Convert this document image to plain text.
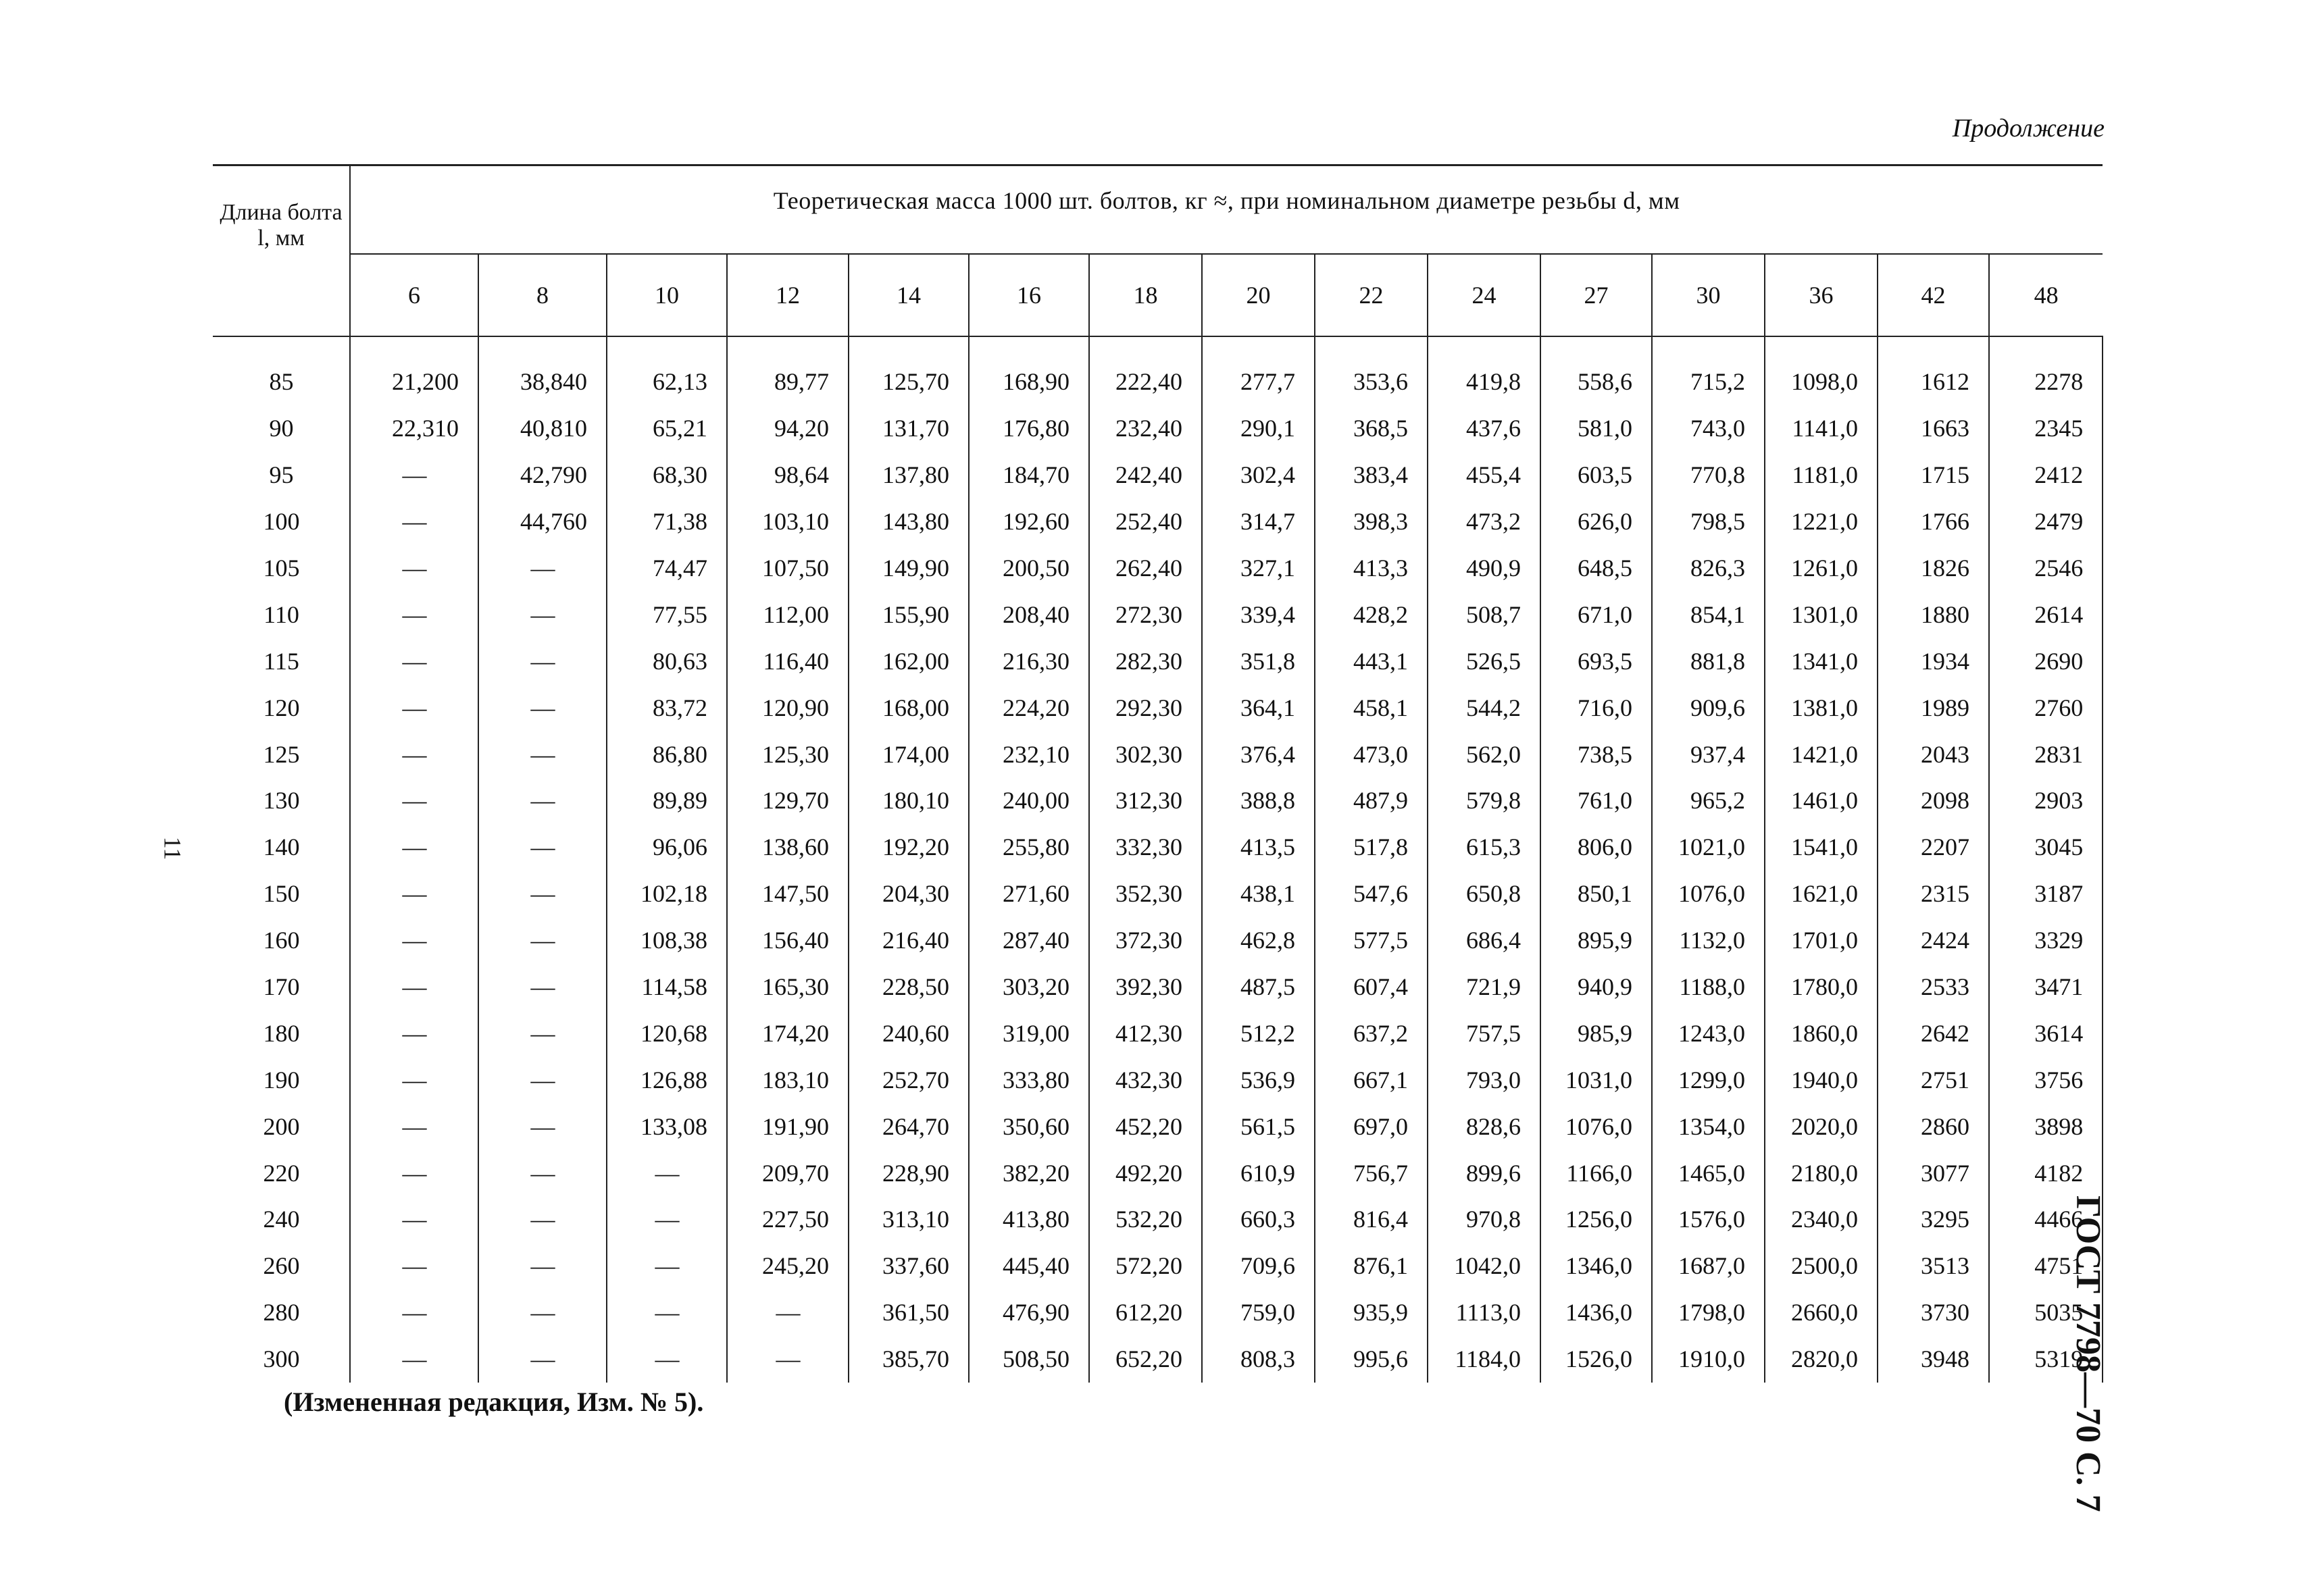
Продолжение
11
ГОСТ 7798—70 С. 7
Длина болта l, мм	Теоретическая масса 1000 шт. болтов, кг ≈, при номинальном диаметре резьбы d, мм														
	6	8	10	12	14	16	18	20	22	24	27	30	36	42	48

85	21,200	38,840	62,13	89,77	125,70	168,90	222,40	277,7	353,6	419,8	558,6	715,2	1098,0	1612	2278
90	22,310	40,810	65,21	94,20	131,70	176,80	232,40	290,1	368,5	437,6	581,0	743,0	1141,0	1663	2345
95	—	42,790	68,30	98,64	137,80	184,70	242,40	302,4	383,4	455,4	603,5	770,8	1181,0	1715	2412
100	—	44,760	71,38	103,10	143,80	192,60	252,40	314,7	398,3	473,2	626,0	798,5	1221,0	1766	2479
105	—	—	74,47	107,50	149,90	200,50	262,40	327,1	413,3	490,9	648,5	826,3	1261,0	1826	2546
110	—	—	77,55	112,00	155,90	208,40	272,30	339,4	428,2	508,7	671,0	854,1	1301,0	1880	2614
115	—	—	80,63	116,40	162,00	216,30	282,30	351,8	443,1	526,5	693,5	881,8	1341,0	1934	2690
120	—	—	83,72	120,90	168,00	224,20	292,30	364,1	458,1	544,2	716,0	909,6	1381,0	1989	2760
125	—	—	86,80	125,30	174,00	232,10	302,30	376,4	473,0	562,0	738,5	937,4	1421,0	2043	2831
130	—	—	89,89	129,70	180,10	240,00	312,30	388,8	487,9	579,8	761,0	965,2	1461,0	2098	2903
140	—	—	96,06	138,60	192,20	255,80	332,30	413,5	517,8	615,3	806,0	1021,0	1541,0	2207	3045
150	—	—	102,18	147,50	204,30	271,60	352,30	438,1	547,6	650,8	850,1	1076,0	1621,0	2315	3187
160	—	—	108,38	156,40	216,40	287,40	372,30	462,8	577,5	686,4	895,9	1132,0	1701,0	2424	3329
170	—	—	114,58	165,30	228,50	303,20	392,30	487,5	607,4	721,9	940,9	1188,0	1780,0	2533	3471
180	—	—	120,68	174,20	240,60	319,00	412,30	512,2	637,2	757,5	985,9	1243,0	1860,0	2642	3614
190	—	—	126,88	183,10	252,70	333,80	432,30	536,9	667,1	793,0	1031,0	1299,0	1940,0	2751	3756
200	—	—	133,08	191,90	264,70	350,60	452,20	561,5	697,0	828,6	1076,0	1354,0	2020,0	2860	3898
220	—	—	—	209,70	228,90	382,20	492,20	610,9	756,7	899,6	1166,0	1465,0	2180,0	3077	4182
240	—	—	—	227,50	313,10	413,80	532,20	660,3	816,4	970,8	1256,0	1576,0	2340,0	3295	4466
260	—	—	—	245,20	337,60	445,40	572,20	709,6	876,1	1042,0	1346,0	1687,0	2500,0	3513	4751
280	—	—	—	—	361,50	476,90	612,20	759,0	935,9	1113,0	1436,0	1798,0	2660,0	3730	5035
300	—	—	—	—	385,70	508,50	652,20	808,3	995,6	1184,0	1526,0	1910,0	2820,0	3948	5319
(Измененная редакция, Изм. № 5).
